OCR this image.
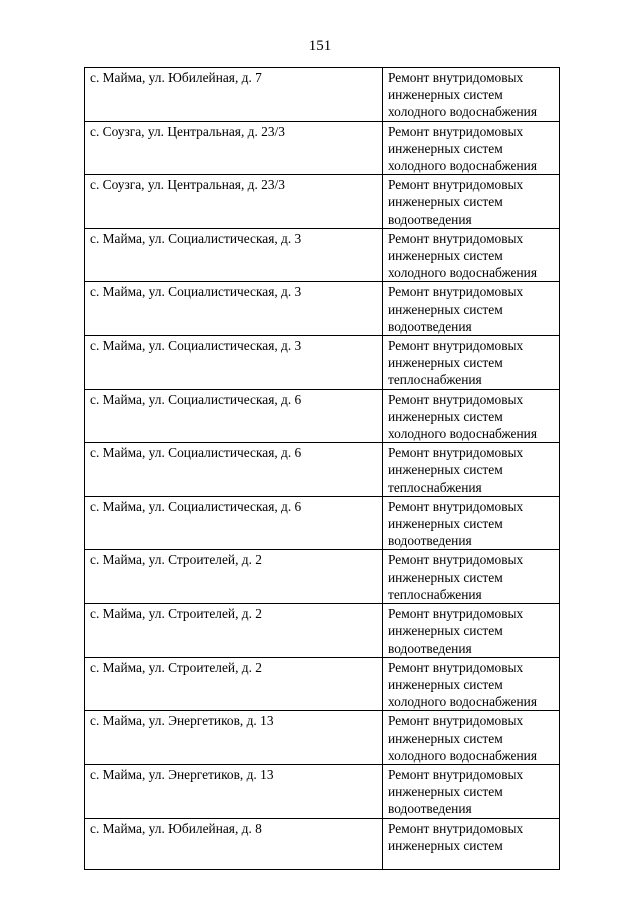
151
с. Майма, ул. Юбилейная, д. 7	Ремонт внутридомовых
инженерных систем
холодного водоснабжения

с. Соузга, ул. Центральная, д. 23/3	Ремонт внутридомовых
инженерных систем
холодного водоснабжения

с. Соузга, ул. Центральная, д. 23/3	Ремонт внутридомовых
инженерных систем
водоотведения

с. Майма, ул. Социалистическая, д. 3	Ремонт внутридомовых
инженерных систем
холодного водоснабжения

с. Майма, ул. Социалистическая, д. 3	Ремонт внутридомовых
инженерных систем
водоотведения

с. Майма, ул. Социалистическая, д. 3	Ремонт внутридомовых
инженерных систем
теплоснабжения

с. Майма, ул. Социалистическая, д. 6	Ремонт внутридомовых
инженерных систем
холодного водоснабжения

с. Майма, ул. Социалистическая, д. 6	Ремонт внутридомовых
инженерных систем
теплоснабжения

с. Майма, ул. Социалистическая, д. 6	Ремонт внутридомовых
инженерных систем
водоотведения

с. Майма, ул. Строителей, д. 2	Ремонт внутридомовых
инженерных систем
теплоснабжения

с. Майма, ул. Строителей, д. 2	Ремонт внутридомовых
инженерных систем
водоотведения

с. Майма, ул. Строителей, д. 2	Ремонт внутридомовых
инженерных систем
холодного водоснабжения

с. Майма, ул. Энергетиков, д. 13	Ремонт внутридомовых
инженерных систем
холодного водоснабжения

с. Майма, ул. Энергетиков, д. 13	Ремонт внутридомовых
инженерных систем
водоотведения

с. Майма, ул. Юбилейная, д. 8	Ремонт внутридомовых
инженерных систем
